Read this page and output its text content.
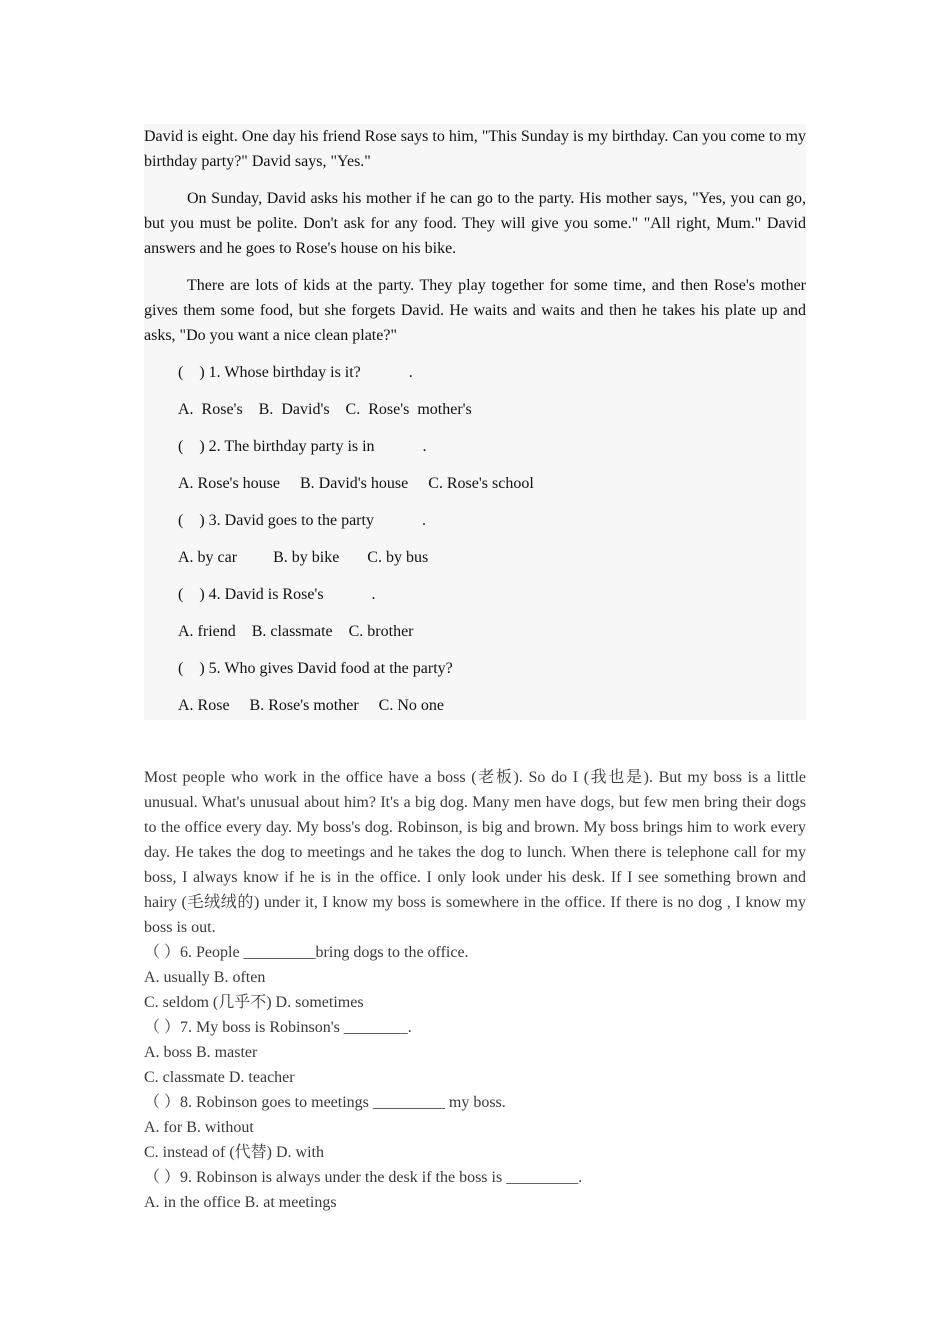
David is eight. One day his friend Rose says to him, "This Sunday is my birthday. Can you come to my birthday party?" David says, "Yes."

On Sunday, David asks his mother if he can go to the party. His mother says, "Yes, you can go, but you must be polite. Don't ask for any food. They will give you some." "All right, Mum." David answers and he goes to Rose's house on his bike.

There are lots of kids at the party. They play together for some time, and then Rose's mother gives them some food, but she forgets David. He waits and waits and then he takes his plate up and asks, "Do you want a nice clean plate?"

(    ) 1. Whose birthday is it?            .

A.  Rose's    B.  David's    C.  Rose's  mother's

(    ) 2. The birthday party is in            .

A. Rose's house     B. David's house     C. Rose's school

(    ) 3. David goes to the party            .

A. by car         B. by bike       C. by bus

(    ) 4. David is Rose's            .

A. friend    B. classmate    C. brother

(    ) 5. Who gives David food at the party?

A. Rose     B. Rose's mother     C. No one

Most people who work in the office have a boss (老板). So do I (我也是). But my boss is a little unusual. What's unusual about him? It's a big dog. Many men have dogs, but few men bring their dogs to the office every day. My boss's dog. Robinson, is big and brown. My boss brings him to work every day. He takes the dog to meetings and he takes the dog to lunch. When there is telephone call for my boss, I always know if he is in the office. I only look under his desk. If I see something brown and hairy (毛绒绒的) under it, I know my boss is somewhere in the office. If there is no dog , I know my boss is out.

（ ）6. People _________bring dogs to the office.

A. usually B. often

C. seldom (几乎不) D. sometimes

（ ）7. My boss is Robinson's ________.

A. boss B. master

C. classmate D. teacher

（ ）8. Robinson goes to meetings _________ my boss.

A. for B. without

C. instead of (代替) D. with

（ ）9. Robinson is always under the desk if the boss is _________.

A. in the office B. at meetings
